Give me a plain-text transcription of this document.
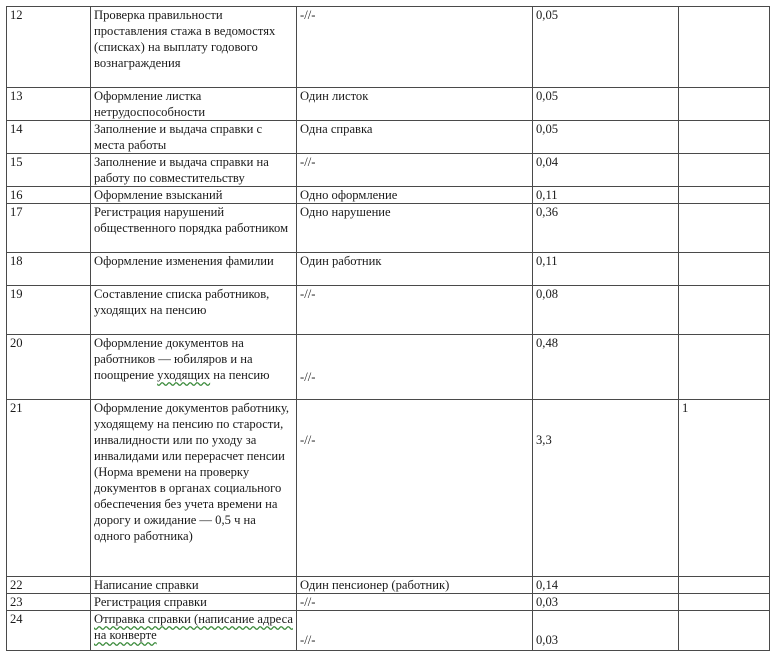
12	Проверка правильности проставления стажа в ведомостях (списках) на выплату годового вознаграждения	-//-	0,05	
13	Оформление листка нетрудоспособности	Один листок	0,05	
14	Заполнение и выдача справки с места работы	Одна справка	0,05	
15	Заполнение и выдача справки на работу по совместительству	-//-	0,04	
16	Оформление взысканий	Одно оформление	0,11	
17	Регистрация нарушений общественного порядка работником	Одно нарушение	0,36	
18	Оформление изменения фамилии	Один работник	0,11	
19	Составление списка работников, уходящих на пенсию	-//-	0,08	
20	Оформление документов на работников — юбиляров и на поощрение уходящих на пенсию	-//-	0,48	
21	Оформление документов работнику, уходящему на пенсию по старости, инвалидности или по уходу за инвалидами или перерасчет пенсии (Норма времени на проверку документов в органах социального обеспечения без учета времени на дорогу и ожидание — 0,5 ч на одного работника)	-//-	3,3	1
22	Написание справки	Один пенсионер (работник)	0,14	
23	Регистрация справки	-//-	0,03	
24	Отправка справки (написание адреса на конверте	-//-	0,03	
